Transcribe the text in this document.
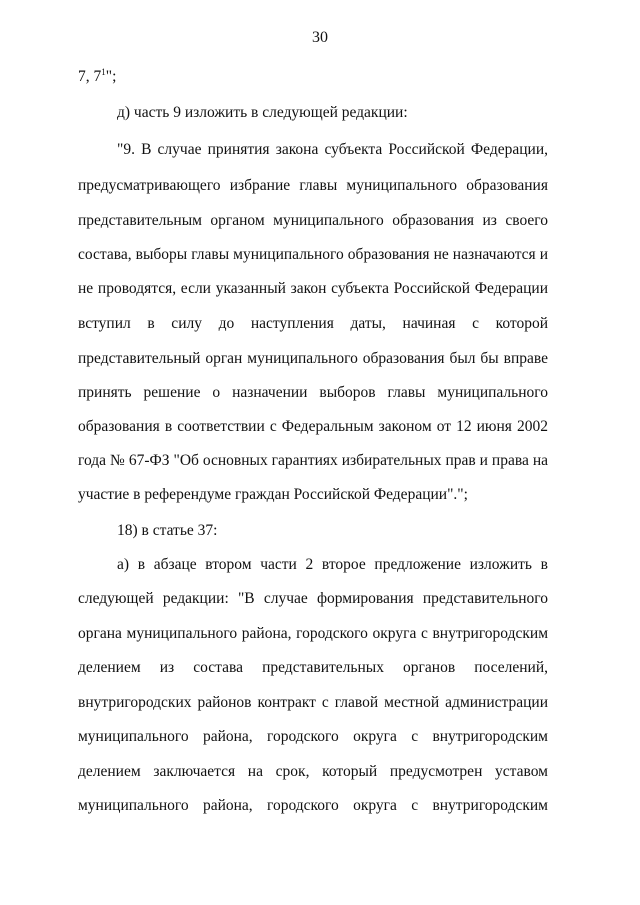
30
7, $7^1$";
д) часть 9 изложить в следующей редакции:
"9. В случае принятия закона субъекта Российской Федерации,
предусматривающего избрание главы муниципального образования
представительным органом муниципального образования из своего
состава, выборы главы муниципального образования не назначаются и
не проводятся, если указанный закон субъекта Российской Федерации
вступил в силу до наступления даты, начиная с которой
представительный орган муниципального образования был бы вправе
принять решение о назначении выборов главы муниципального
образования в соответствии с Федеральным законом от 12 июня 2002
года № 67-ФЗ "Об основных гарантиях избирательных прав и права на
участие в референдуме граждан Российской Федерации".";
18) в статье 37:
а) в абзаце втором части 2 второе предложение изложить в
следующей редакции: "В случае формирования представительного
органа муниципального района, городского округа с внутригородским
делением из состава представительных органов поселений,
внутригородских районов контракт с главой местной администрации
муниципального района, городского округа с внутригородским
делением заключается на срок, который предусмотрен уставом
муниципального района, городского округа с внутригородским
